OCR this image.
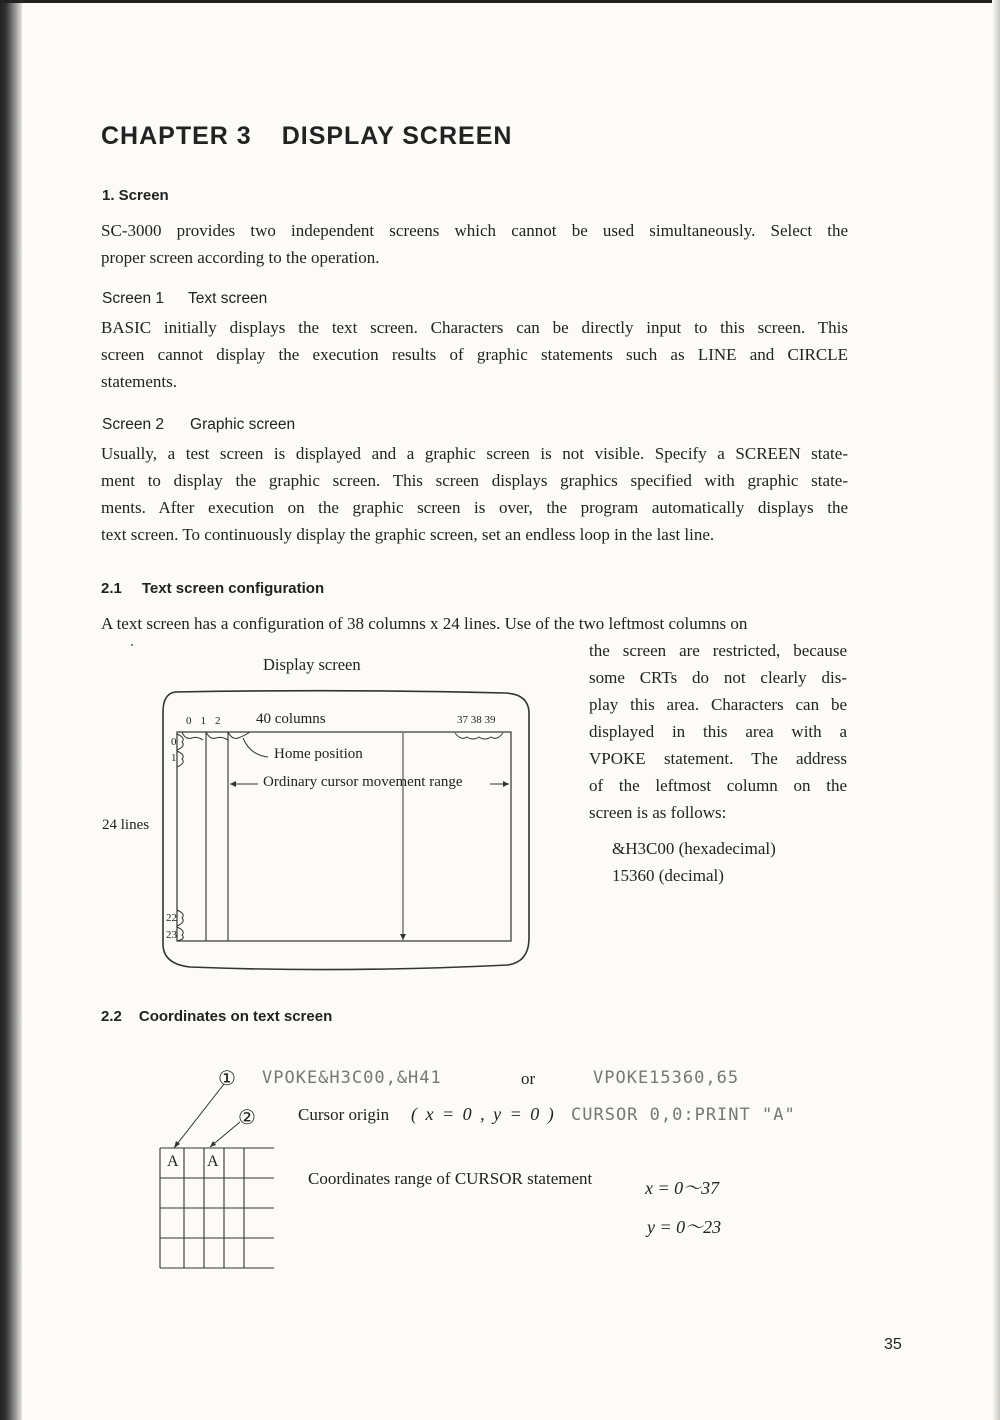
CHAPTER 3 DISPLAY SCREEN
1. Screen
SC-3000 provides two independent screens which cannot be used simultaneously. Select the
proper screen according to the operation.
Screen 1 Text screen
BASIC initially displays the text screen. Characters can be directly input to this screen. This
screen cannot display the execution results of graphic statements such as LINE and CIRCLE
statements.
Screen 2 Graphic screen
Usually, a test screen is displayed and a graphic screen is not visible. Specify a SCREEN state-
ment to display the graphic screen. This screen displays graphics specified with graphic state-
ments. After execution on the graphic screen is over, the program automatically displays the
text screen. To continuously display the graphic screen, set an endless loop in the last line.
2.1 Text screen configuration
A text screen has a configuration of 38 columns x 24 lines. Use of the two leftmost columns on
the screen are restricted, because
some CRTs do not clearly dis-
play this area. Characters can be
displayed in this area with a
VPOKE statement. The address
of the leftmost column on the
screen is as follows:
&H3C00 (hexadecimal)
15360 (decimal)
Display screen
012 40 columns	37 38 39
0
1
22
23
Home position
Ordinary cursor movement range
24 lines
2.2 Coordinates on text screen
① VPOKE&H3C00,&H41	or	VPOKE15360,65
② Cursor origin ( x = 0 , y = 0 ) CURSOR 0,0:PRINT "A"
A A
Coordinates range of CURSOR statement	x = 0～37
y = 0～23
35
